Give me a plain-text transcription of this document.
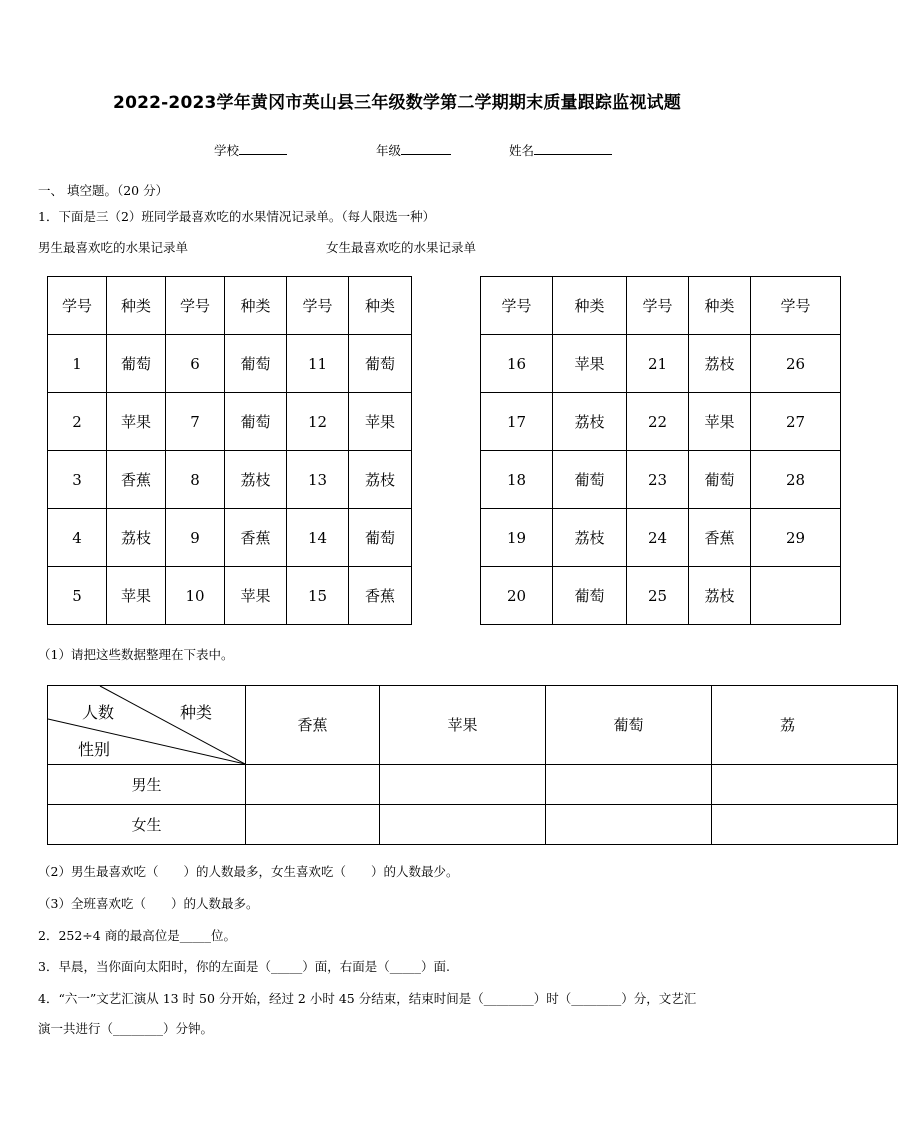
2022-2023学年黄冈市英山县三年级数学第二学期期末质量跟踪监视试题
学校	年级	姓名
一、 填空题。（20 分）
1．下面是三（2）班同学最喜欢吃的水果情况记录单。（每人限选一种）
男生最喜欢吃的水果记录单	女生最喜欢吃的水果记录单
学号	种类	学号	种类	学号	种类
1	葡萄	6	葡萄	11	葡萄
2	苹果	7	葡萄	12	苹果
3	香蕉	8	荔枝	13	荔枝
4	荔枝	9	香蕉	14	葡萄
5	苹果	10	苹果	15	香蕉
学号	种类	学号	种类	学号
16	苹果	21	荔枝	26
17	荔枝	22	苹果	27
18	葡萄	23	葡萄	28
19	荔枝	24	香蕉	29
20	葡萄	25	荔枝	
（1）请把这些数据整理在下表中。
人数 种类
性别	香蕉	苹果	葡萄	荔
男生				
女生				
（2）男生最喜欢吃（　　）的人数最多，女生喜欢吃（　　）的人数最少。
（3）全班喜欢吃（　　）的人数最多。
2．252÷4 商的最高位是_____位。
3．早晨，当你面向太阳时，你的左面是（_____）面，右面是（_____）面.
4．“六一”文艺汇演从 13 时 50 分开始，经过 2 小时 45 分结束，结束时间是（________）时（________）分，文艺汇
演一共进行（________）分钟。
